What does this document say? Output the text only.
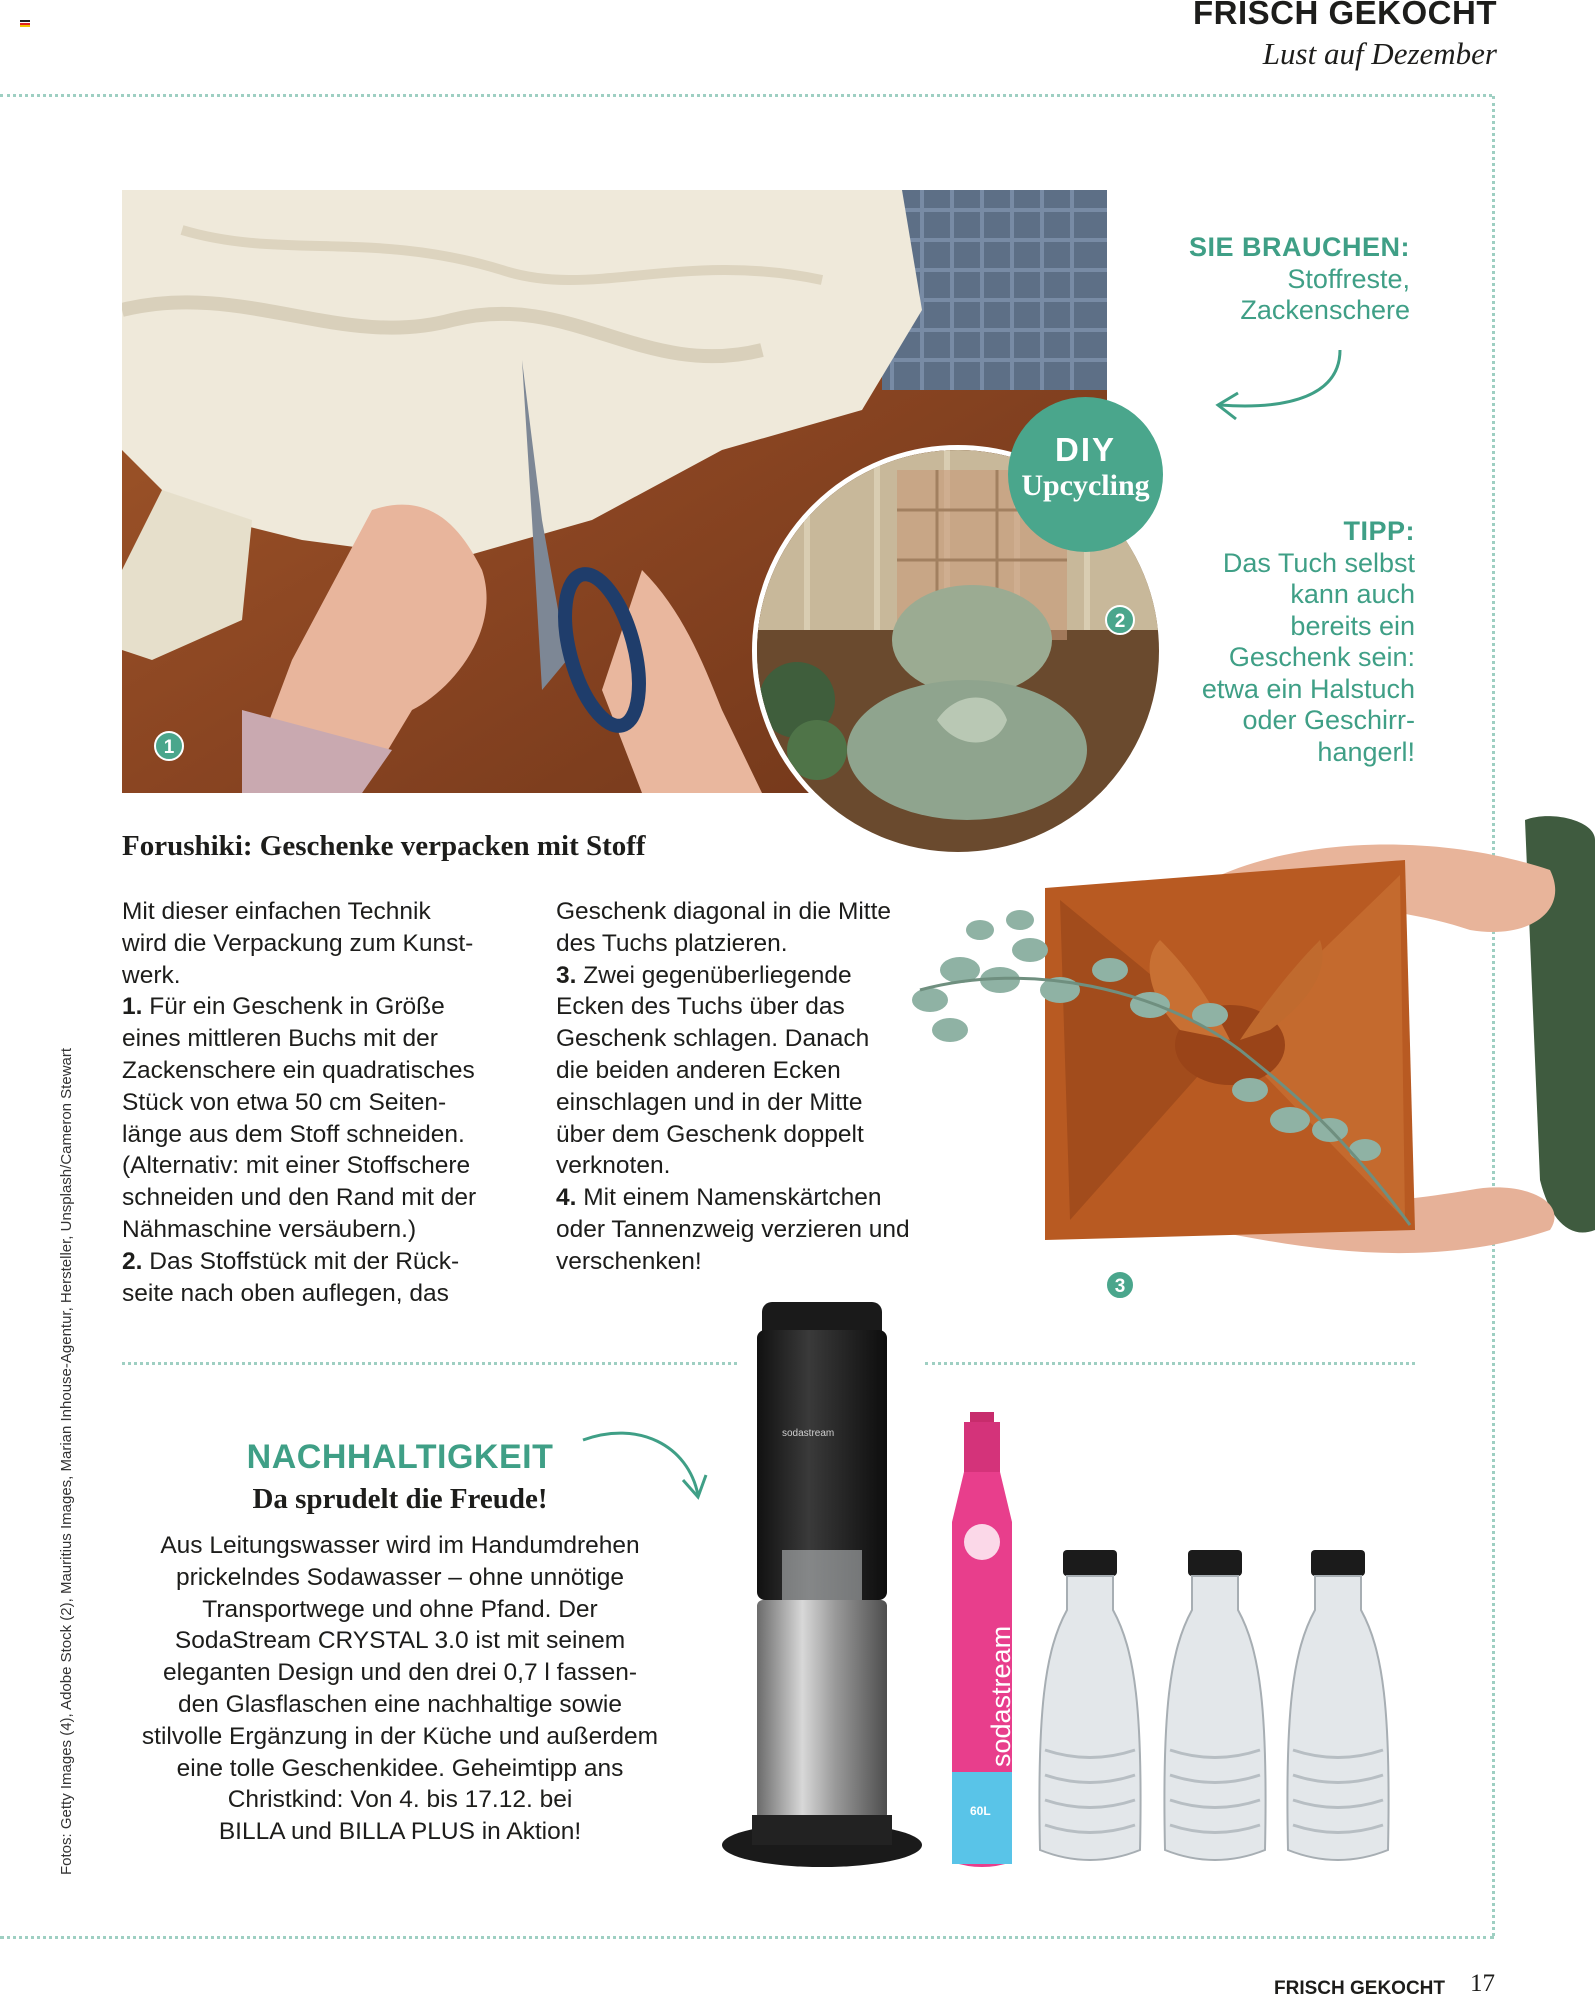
FRISCH GEKOCHT
Lust auf Dezember
1
2
DIY
Upcycling
SIE BRAUCHEN:
Stoffreste,
Zackenschere
TIPP:
Das Tuch selbst
kann auch
bereits ein
Geschenk sein:
etwa ein Halstuch
oder Geschirr-
hangerl!
3
Forushiki: Geschenke verpacken mit Stoff

Mit dieser einfachen Technik

wird die Verpackung zum Kunst-

werk.

1. Für ein Geschenk in Größe

eines mittleren Buchs mit der

Zackenschere ein quadratisches

Stück von etwa 50 cm Seiten-

länge aus dem Stoff schneiden.

(Alternativ: mit einer Stoffschere

schneiden und den Rand mit der

Nähmaschine versäubern.)

2. Das Stoffstück mit der Rück-

seite nach oben auflegen, das

Geschenk diagonal in die Mitte

des Tuchs platzieren.

3. Zwei gegenüberliegende

Ecken des Tuchs über das

Geschenk schlagen. Danach

die beiden anderen Ecken

einschlagen und in der Mitte

über dem Geschenk doppelt

verknoten.

4. Mit einem Namenskärtchen

oder Tannenzweig verzieren und

verschenken!

Fotos: Getty Images (4), Adobe Stock (2), Mauritius Images, Marian Inhouse-Agentur, Hersteller, Unsplash/Cameron Stewart	NACHHALTIGKEIT
Da sprudelt die Freude!
Aus Leitungswasser wird im Handumdrehen
prickelndes Sodawasser – ohne unnötige
Transportwege und ohne Pfand. Der
SodaStream CRYSTAL 3.0 ist mit seinem
eleganten Design und den drei 0,7 l fassen-
den Glasflaschen eine nachhaltige sowie
stilvolle Ergänzung in der Küche und außerdem
eine tolle Geschenkidee. Geheimtipp ans
Christkind: Von 4. bis 17.12. bei
BILLA und BILLA PLUS in Aktion!
sodastream
sodastream
60L
FRISCH GEKOCHT 17
